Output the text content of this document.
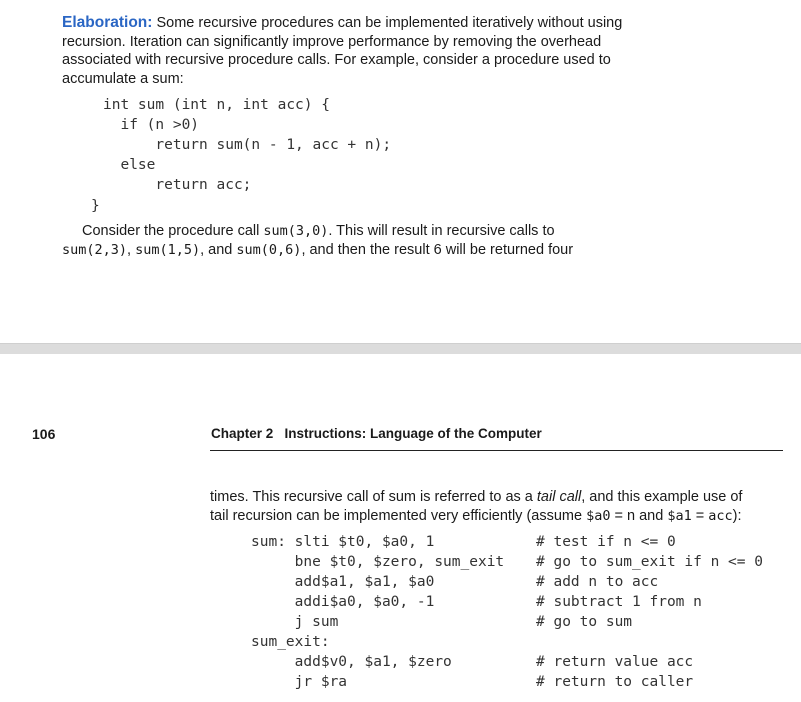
Elaboration: Some recursive procedures can be implemented iteratively without using
recursion. Iteration can significantly improve performance by removing the overhead
associated with recursive procedure calls. For example, consider a procedure used to
accumulate a sum:
int sum (int n, int acc) {
if (n >0)
return sum(n - 1, acc + n);
else
return acc;
}
Consider the procedure call sum(3,0). This will result in recursive calls to
sum(2,3), sum(1,5), and sum(0,6), and then the result 6 will be returned four
106	Chapter 2 Instructions: Language of the Computer
times. This recursive call of sum is referred to as a tail call, and this example use of
tail recursion can be implemented very efficiently (assume $a0 = n and $a1 = acc):
sum: slti $t0, $a0, 1
bne $t0, $zero, sum_exit
add$a1, $a1, $a0
addi$a0, $a0, -1
j sum
sum_exit:
add$v0, $a1, $zero
jr $ra
# test if n <= 0
# go to sum_exit if n <= 0
# add n to acc
# subtract 1 from n
# go to sum
# return value acc
# return to caller
